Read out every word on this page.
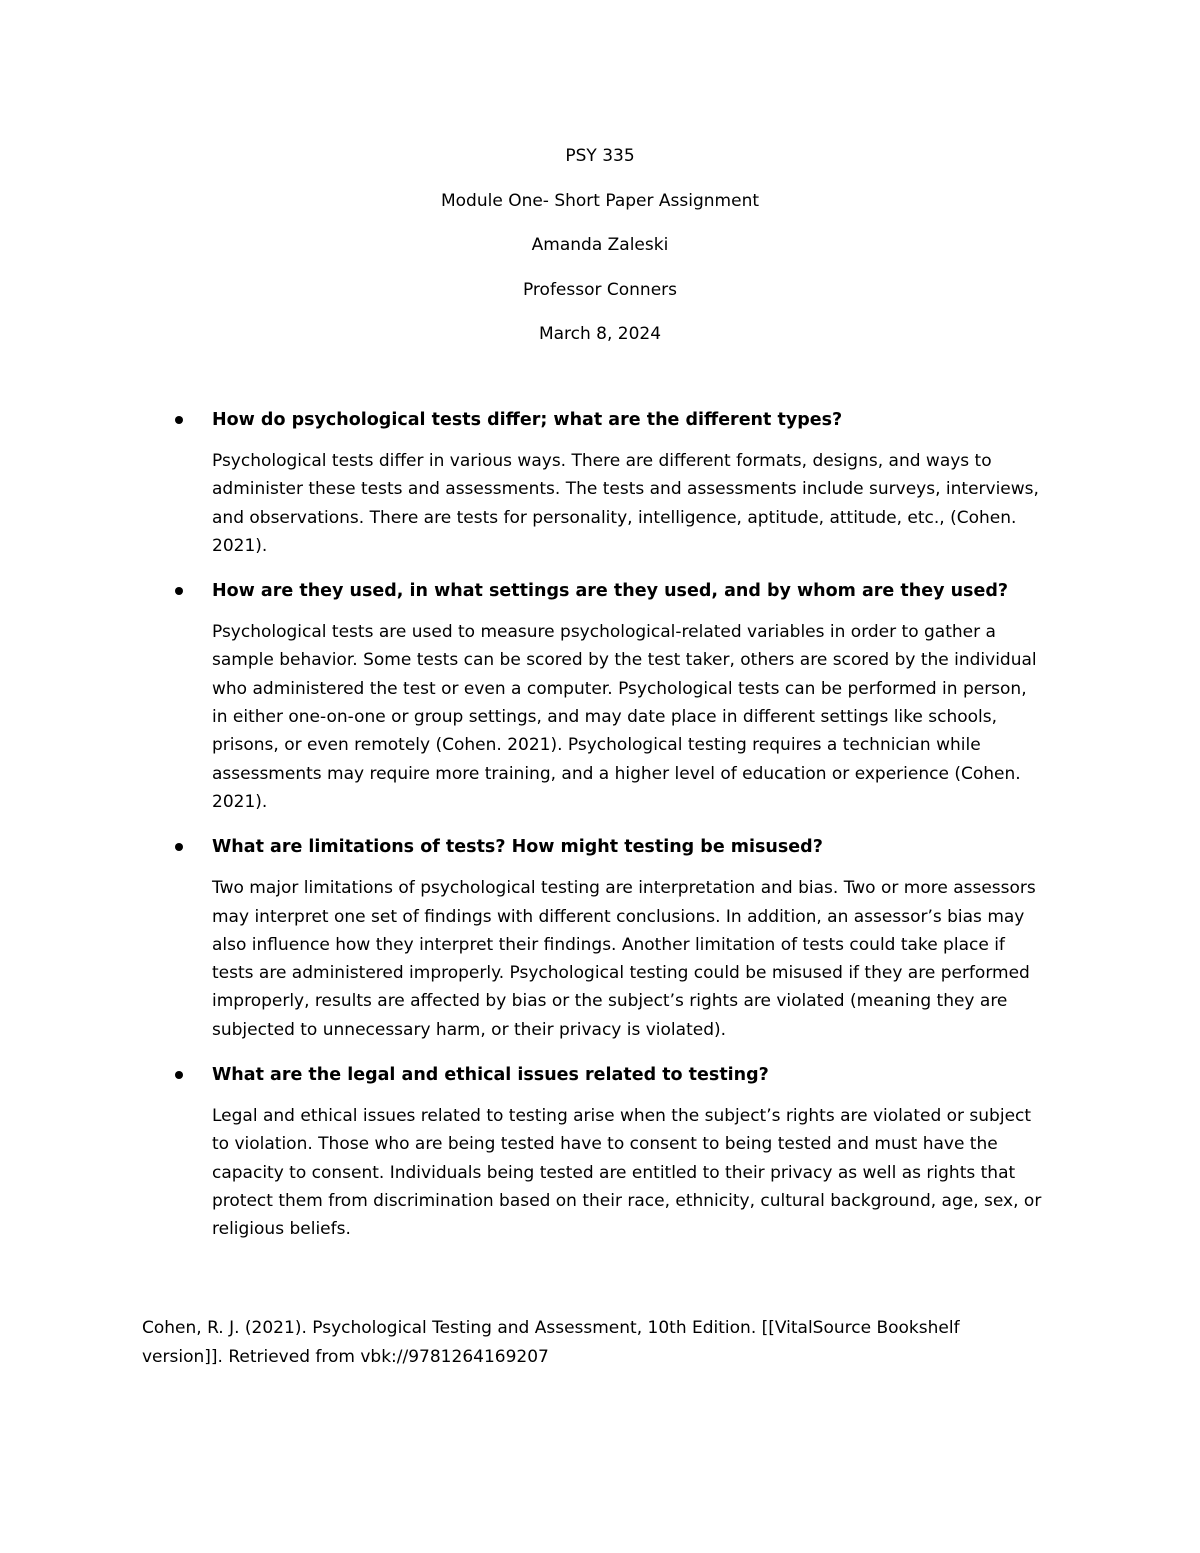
PSY 335
Module One- Short Paper Assignment
Amanda Zaleski
Professor Conners
March 8, 2024
How do psychological tests differ; what are the different types?
Psychological tests differ in various ways. There are different formats, designs, and ways to
administer these tests and assessments. The tests and assessments include surveys, interviews,
and observations. There are tests for personality, intelligence, aptitude, attitude, etc., (Cohen.
2021).
How are they used, in what settings are they used, and by whom are they used?
Psychological tests are used to measure psychological-related variables in order to gather a
sample behavior. Some tests can be scored by the test taker, others are scored by the individual
who administered the test or even a computer. Psychological tests can be performed in person,
in either one-on-one or group settings, and may date place in different settings like schools,
prisons, or even remotely (Cohen. 2021). Psychological testing requires a technician while
assessments may require more training, and a higher level of education or experience (Cohen.
2021).
What are limitations of tests? How might testing be misused?
Two major limitations of psychological testing are interpretation and bias. Two or more assessors
may interpret one set of findings with different conclusions. In addition, an assessor’s bias may
also influence how they interpret their findings. Another limitation of tests could take place if
tests are administered improperly. Psychological testing could be misused if they are performed
improperly, results are affected by bias or the subject’s rights are violated (meaning they are
subjected to unnecessary harm, or their privacy is violated).
What are the legal and ethical issues related to testing?
Legal and ethical issues related to testing arise when the subject’s rights are violated or subject
to violation. Those who are being tested have to consent to being tested and must have the
capacity to consent. Individuals being tested are entitled to their privacy as well as rights that
protect them from discrimination based on their race, ethnicity, cultural background, age, sex, or
religious beliefs.
Cohen, R. J. (2021). Psychological Testing and Assessment, 10th Edition. [[VitalSource Bookshelf
version]]. Retrieved from vbk://9781264169207
